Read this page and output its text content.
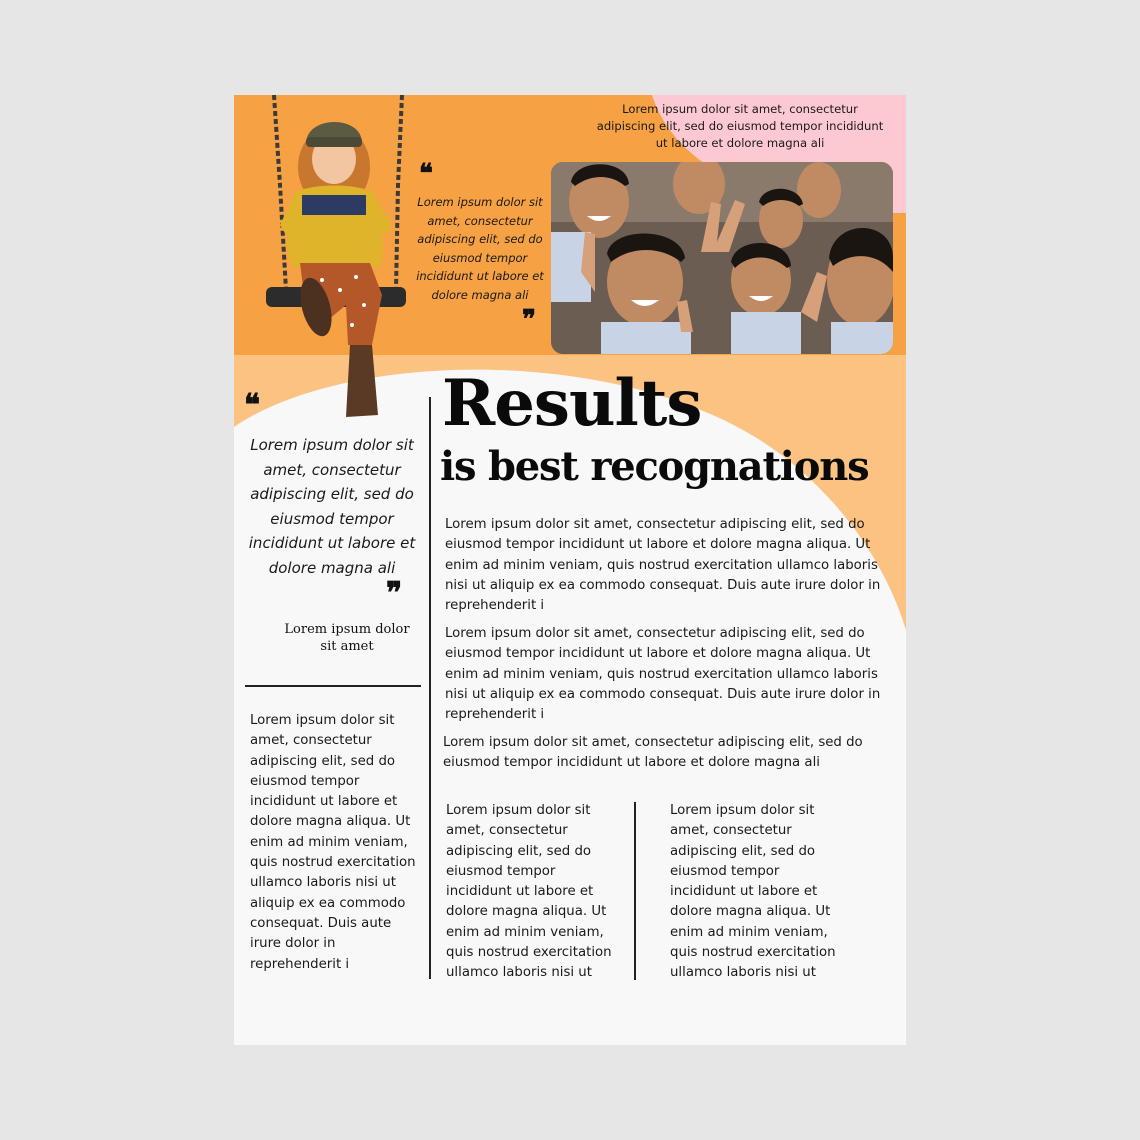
❝
Lorem ipsum dolor sit amet, consectetur adipiscing elit, sed do eiusmod tempor incididunt ut labore et dolore magna ali
❞
Lorem ipsum dolor sit amet, consectetur adipiscing elit, sed do eiusmod tempor incididunt ut labore et dolore magna ali
❝
Lorem ipsum dolor sit amet, consectetur adipiscing elit, sed do eiusmod tempor incididunt ut labore et dolore magna ali
❞
Lorem ipsum dolor sit amet
Lorem ipsum dolor sit amet, consectetur adipiscing elit, sed do eiusmod tempor incididunt ut labore et dolore magna aliqua. Ut enim ad minim veniam, quis nostrud exercitation ullamco laboris nisi ut aliquip ex ea commodo consequat. Duis aute irure dolor in reprehenderit i
Results
is best recognations

Lorem ipsum dolor sit amet, consectetur adipiscing elit, sed do eiusmod tempor incididunt ut labore et dolore magna aliqua. Ut enim ad minim veniam, quis nostrud exercitation ullamco laboris nisi ut aliquip ex ea commodo consequat. Duis aute irure dolor in reprehenderit i

Lorem ipsum dolor sit amet, consectetur adipiscing elit, sed do eiusmod tempor incididunt ut labore et dolore magna aliqua. Ut enim ad minim veniam, quis nostrud exercitation ullamco laboris nisi ut aliquip ex ea commodo consequat. Duis aute irure dolor in reprehenderit i

Lorem ipsum dolor sit amet, consectetur adipiscing elit, sed do eiusmod tempor incididunt ut labore et dolore magna ali

Lorem ipsum dolor sit amet, consectetur adipiscing elit, sed do eiusmod tempor incididunt ut labore et dolore magna aliqua. Ut enim ad minim veniam, quis nostrud exercitation ullamco laboris nisi ut

Lorem ipsum dolor sit amet, consectetur adipiscing elit, sed do eiusmod tempor incididunt ut labore et dolore magna aliqua. Ut enim ad minim veniam, quis nostrud exercitation ullamco laboris nisi ut
